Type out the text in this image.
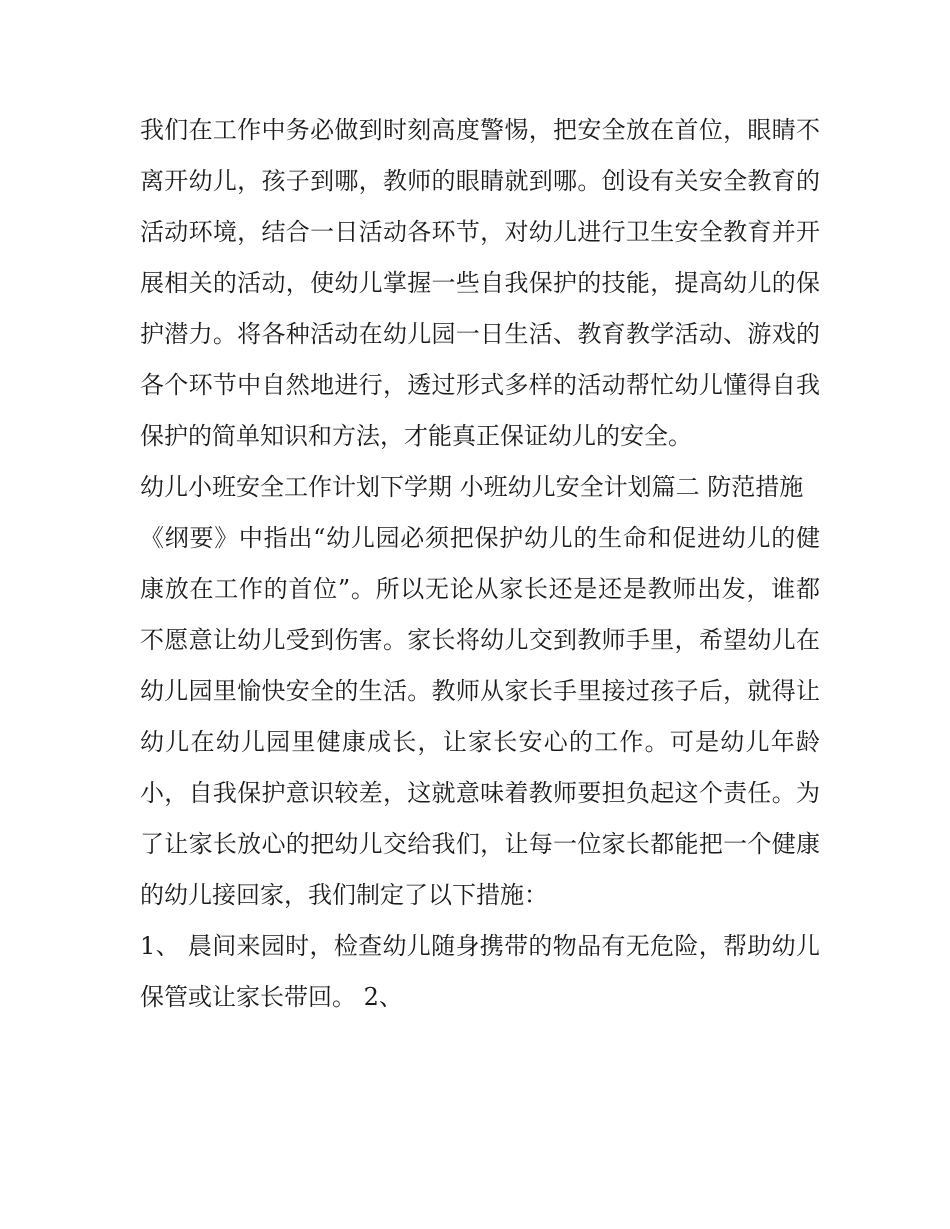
我们在工作中务必做到时刻高度警惕，把安全放在首位，眼睛不离开幼儿，孩子到哪，教师的眼睛就到哪。创设有关安全教育的活动环境，结合一日活动各环节，对幼儿进行卫生安全教育并开展相关的活动，使幼儿掌握一些自我保护的技能，提高幼儿的保护潜力。将各种活动在幼儿园一日生活、教育教学活动、游戏的各个环节中自然地进行，透过形式多样的活动帮忙幼儿懂得自我保护的简单知识和方法，才能真正保证幼儿的安全。

幼儿小班安全工作计划下学期 小班幼儿安全计划篇二 防范措施

《纲要》中指出“幼儿园必须把保护幼儿的生命和促进幼儿的健康放在工作的首位”。所以无论从家长还是还是教师出发，谁都不愿意让幼儿受到伤害。家长将幼儿交到教师手里，希望幼儿在幼儿园里愉快安全的生活。教师从家长手里接过孩子后，就得让幼儿在幼儿园里健康成长，让家长安心的工作。可是幼儿年龄小，自我保护意识较差，这就意味着教师要担负起这个责任。为了让家长放心的把幼儿交给我们，让每一位家长都能把一个健康的幼儿接回家，我们制定了以下措施：

1、 晨间来园时，检查幼儿随身携带的物品有无危险，帮助幼儿保管或让家长带回。 2、
